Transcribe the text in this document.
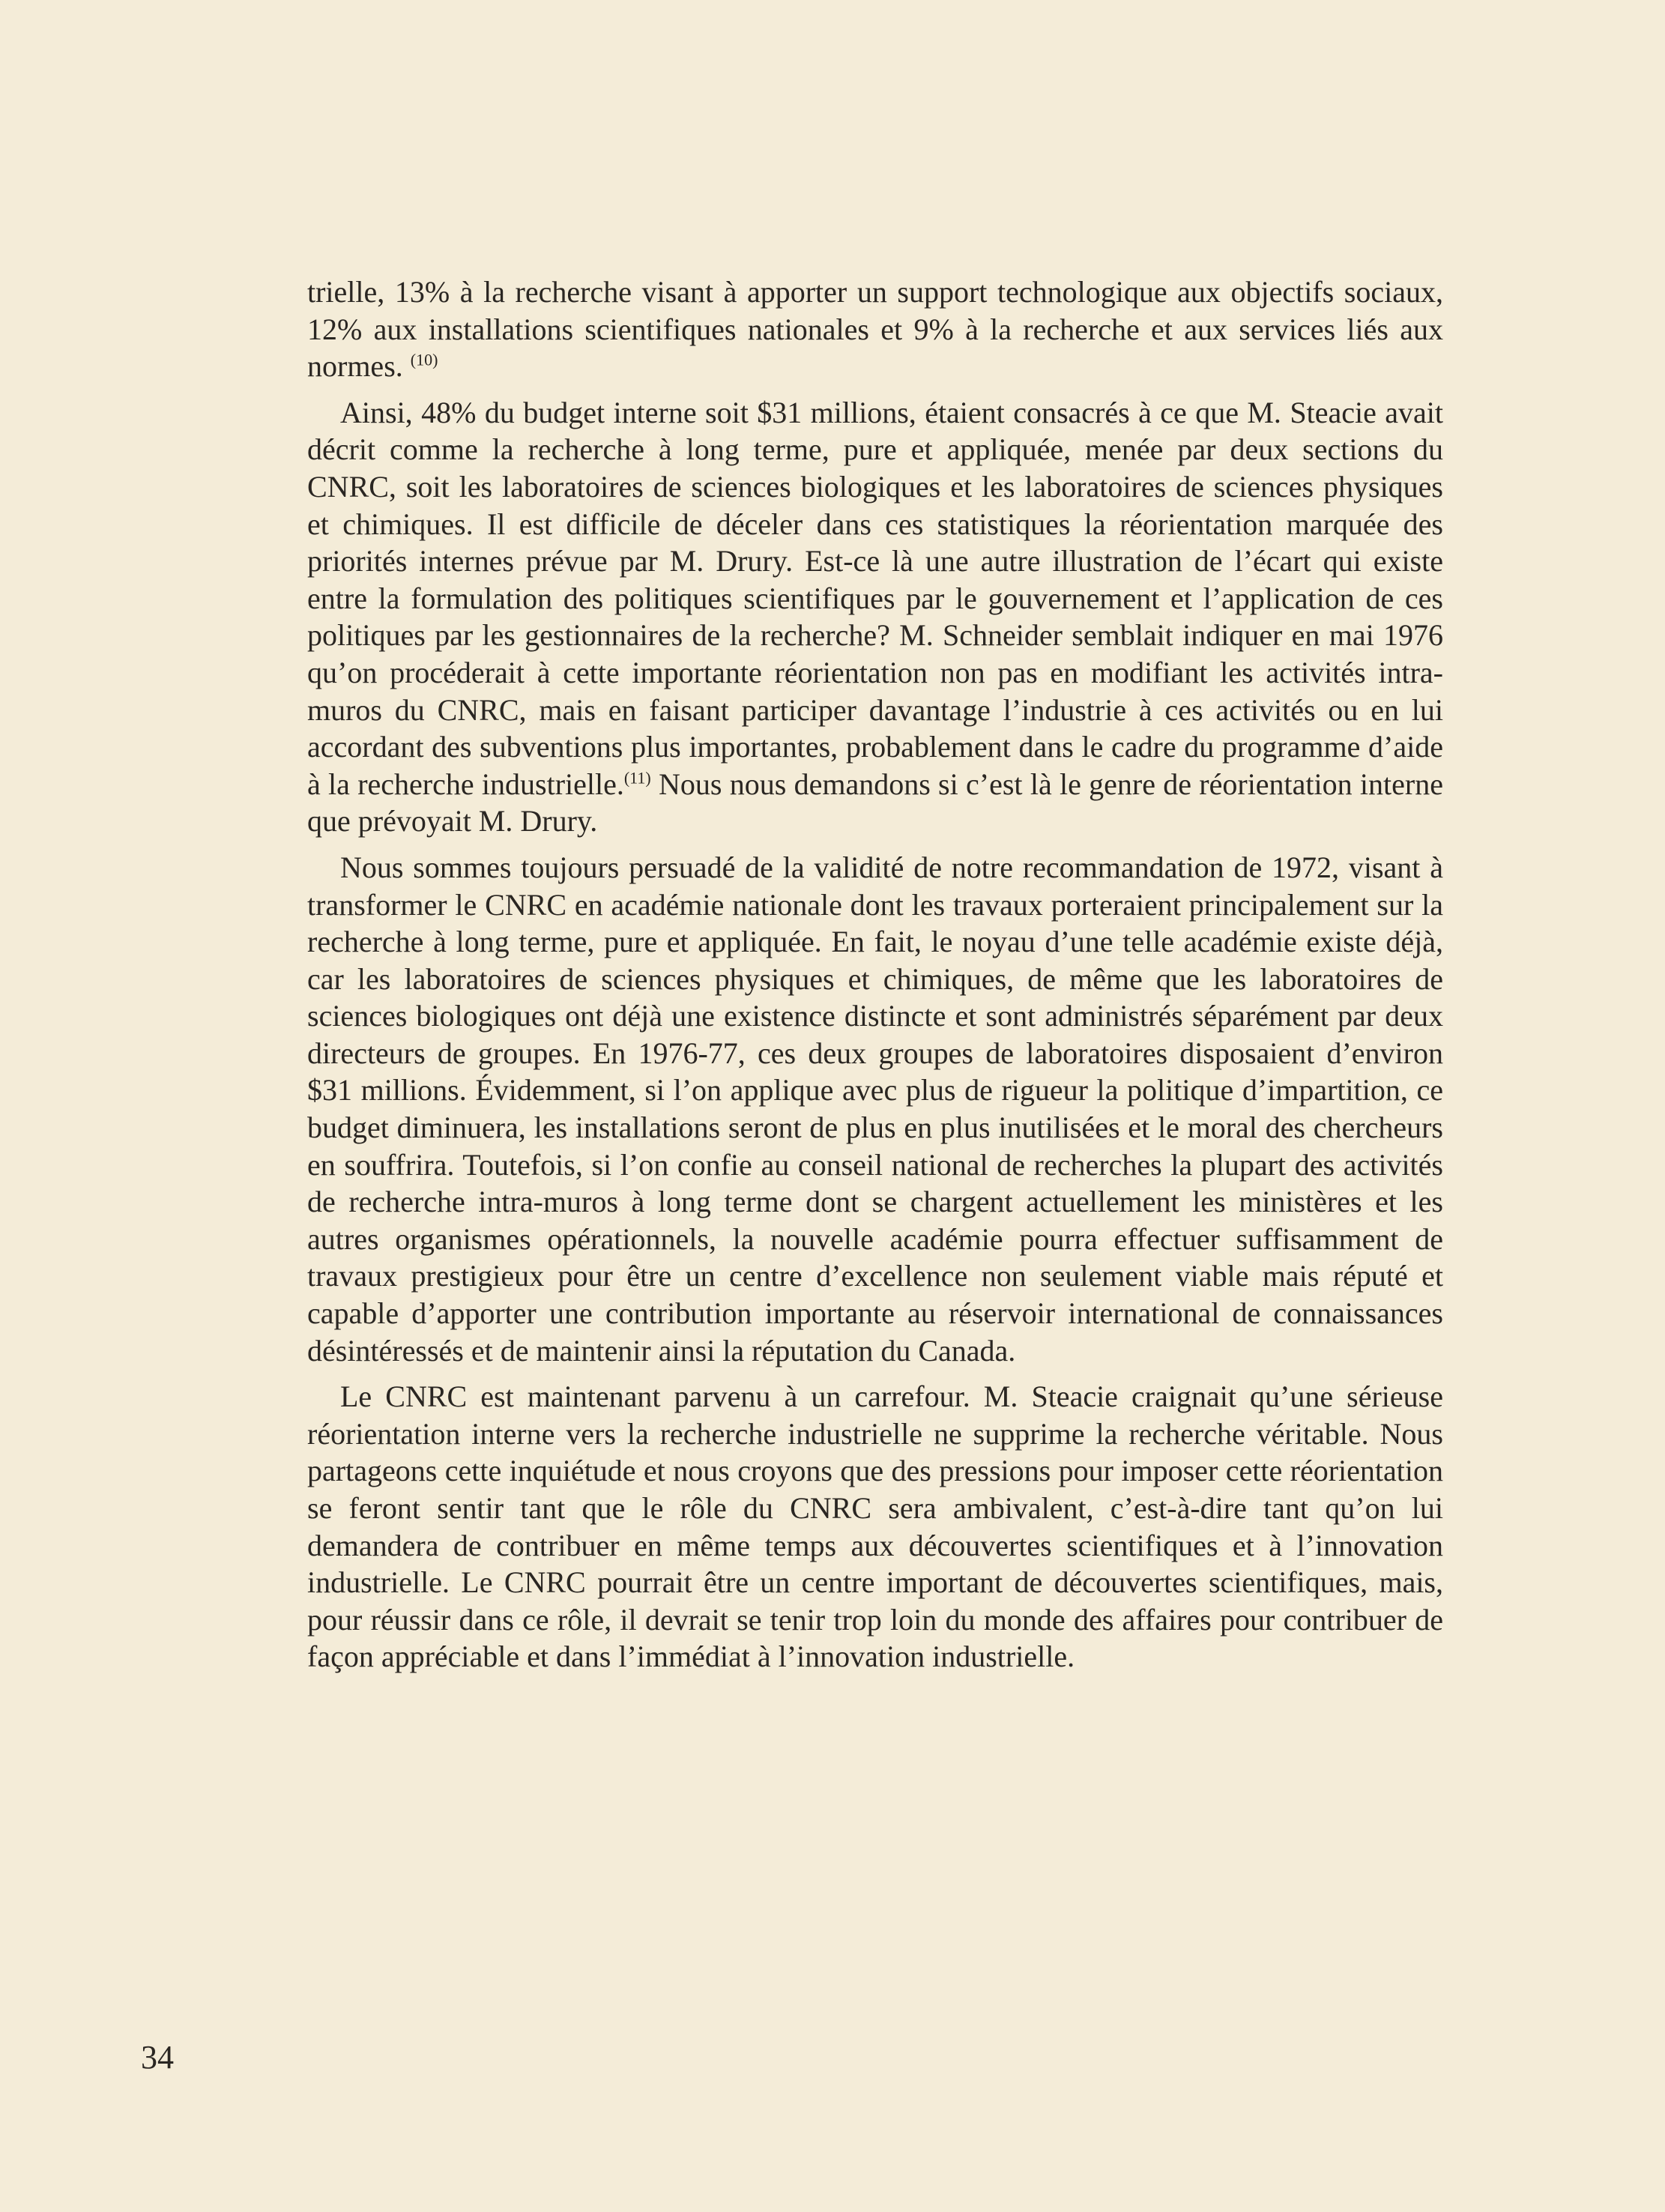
trielle, 13% à la recherche visant à apporter un support technologique aux objectifs sociaux, 12% aux installations scientifiques nationales et 9% à la recherche et aux services liés aux normes. $^{(10)}$

Ainsi, 48% du budget interne soit $31 millions, étaient consacrés à ce que M. Steacie avait décrit comme la recherche à long terme, pure et appliquée, menée par deux sections du CNRC, soit les laboratoires de sciences biologiques et les laboratoires de sciences physiques et chimiques. Il est difficile de déceler dans ces statistiques la réorientation marquée des priorités internes prévue par M. Drury. Est-ce là une autre illustration de l’écart qui existe entre la formulation des politiques scientifiques par le gouvernement et l’application de ces politiques par les gestionnaires de la recherche? M. Schneider semblait indiquer en mai 1976 qu’on procéderait à cette importante réorientation non pas en modifiant les activités intra-muros du CNRC, mais en faisant participer davantage l’industrie à ces activités ou en lui accordant des subventions plus importantes, probablement dans le cadre du programme d’aide à la recherche industrielle.$^{(11)}$ Nous nous demandons si c’est là le genre de réorientation interne que prévoyait M. Drury.

Nous sommes toujours persuadé de la validité de notre recommandation de 1972, visant à transformer le CNRC en académie nationale dont les travaux porteraient principalement sur la recherche à long terme, pure et appliquée. En fait, le noyau d’une telle académie existe déjà, car les laboratoires de sciences physiques et chimiques, de même que les laboratoires de sciences biologiques ont déjà une existence distincte et sont administrés séparément par deux directeurs de groupes. En 1976-77, ces deux groupes de laboratoires disposaient d’environ $31 millions. Évidemment, si l’on applique avec plus de rigueur la politique d’impartition, ce budget diminuera, les installations seront de plus en plus inutilisées et le moral des chercheurs en souffrira. Toutefois, si l’on confie au conseil national de recherches la plupart des activités de recherche intra-muros à long terme dont se chargent actuellement les ministères et les autres organismes opérationnels, la nouvelle académie pourra effectuer suffisamment de travaux prestigieux pour être un centre d’excellence non seulement viable mais réputé et capable d’apporter une contribution importante au réservoir international de connaissances désintéressés et de maintenir ainsi la réputation du Canada.

Le CNRC est maintenant parvenu à un carrefour. M. Steacie craignait qu’une sérieuse réorientation interne vers la recherche industrielle ne supprime la recherche véritable. Nous partageons cette inquiétude et nous croyons que des pressions pour imposer cette réorientation se feront sentir tant que le rôle du CNRC sera ambivalent, c’est-à-dire tant qu’on lui demandera de contribuer en même temps aux découvertes scientifiques et à l’innovation industrielle. Le CNRC pourrait être un centre important de découvertes scientifiques, mais, pour réussir dans ce rôle, il devrait se tenir trop loin du monde des affaires pour contribuer de façon appréciable et dans l’immédiat à l’innovation industrielle.

34
